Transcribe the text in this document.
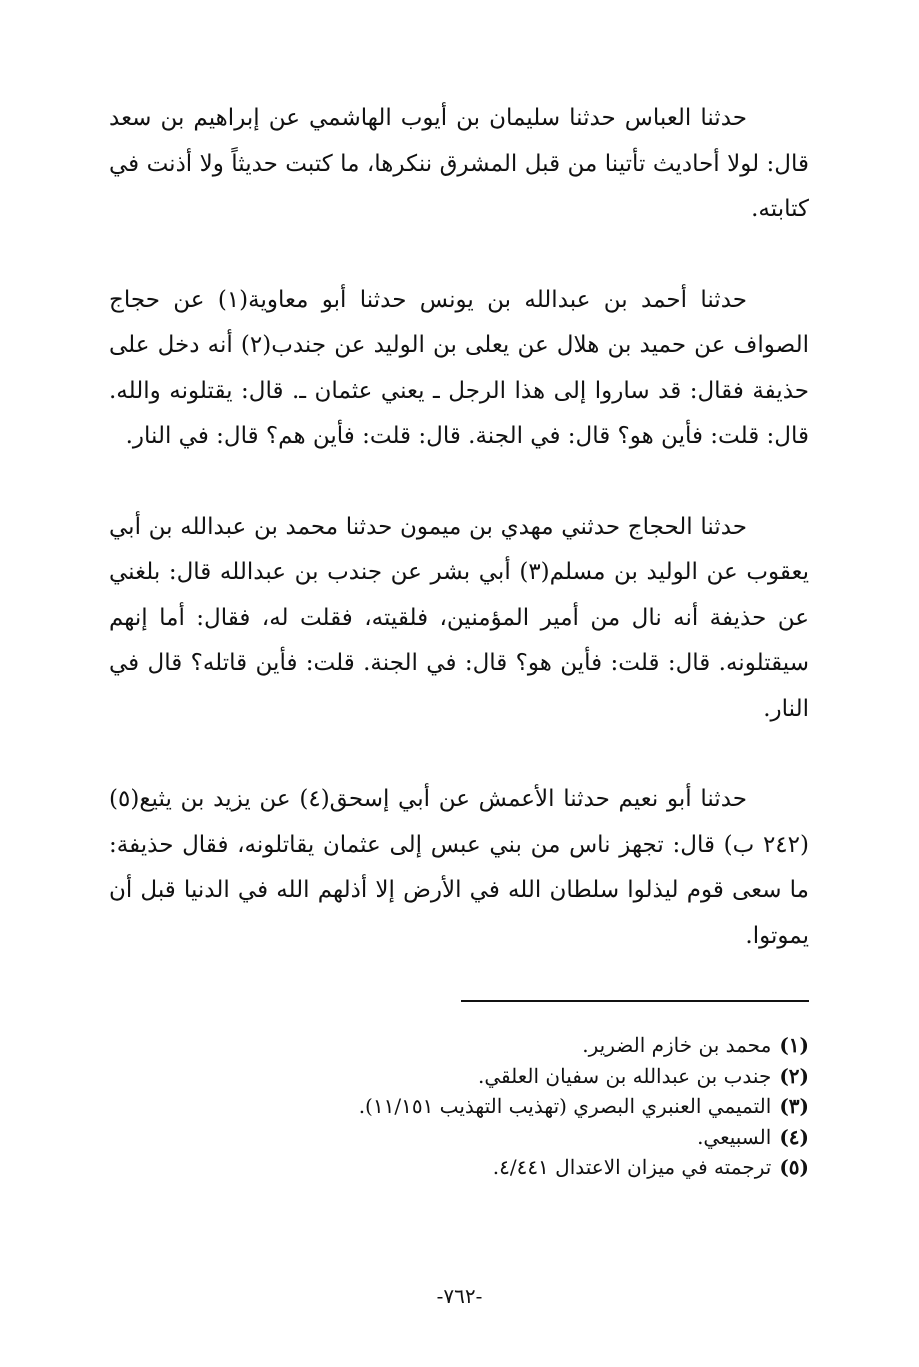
حدثنا العباس حدثنا سليمان بن أيوب الهاشمي عن إبراهيم بن سعد قال: لولا أحاديث تأتينا من قبل المشرق ننكرها، ما كتبت حديثاً ولا أذنت في كتابته.

حدثنا أحمد بن عبدالله بن يونس حدثنا أبو معاوية(١) عن حجاج الصواف عن حميد بن هلال عن يعلى بن الوليد عن جندب(٢) أنه دخل على حذيفة فقال: قد ساروا إلى هذا الرجل ـ يعني عثمان ـ. قال: يقتلونه والله. قال: قلت: فأين هو؟ قال: في الجنة. قال: قلت: فأين هم؟ قال: في النار.

حدثنا الحجاج حدثني مهدي بن ميمون حدثنا محمد بن عبدالله بن أبي يعقوب عن الوليد بن مسلم(٣) أبي بشر عن جندب بن عبدالله قال: بلغني عن حذيفة أنه نال من أمير المؤمنين، فلقيته، فقلت له، فقال: أما إنهم سيقتلونه. قال: قلت: فأين هو؟ قال: في الجنة. قلت: فأين قاتله؟ قال في النار.

حدثنا أبو نعيم حدثنا الأعمش عن أبي إسحق(٤) عن يزيد بن يثيع(٥) (٢٤٢ ب) قال: تجهز ناس من بني عبس إلى عثمان يقاتلونه، فقال حذيفة: ما سعى قوم ليذلوا سلطان الله في الأرض إلا أذلهم الله في الدنيا قبل أن يموتوا.

(١)محمد بن خازم الضرير.
(٢)جندب بن عبدالله بن سفيان العلقي.
(٣)التميمي العنبري البصري (تهذيب التهذيب ١١/١٥١).
(٤)السبيعي.
(٥)ترجمته في ميزان الاعتدال ٤/٤٤١.
-٧٦٢-
